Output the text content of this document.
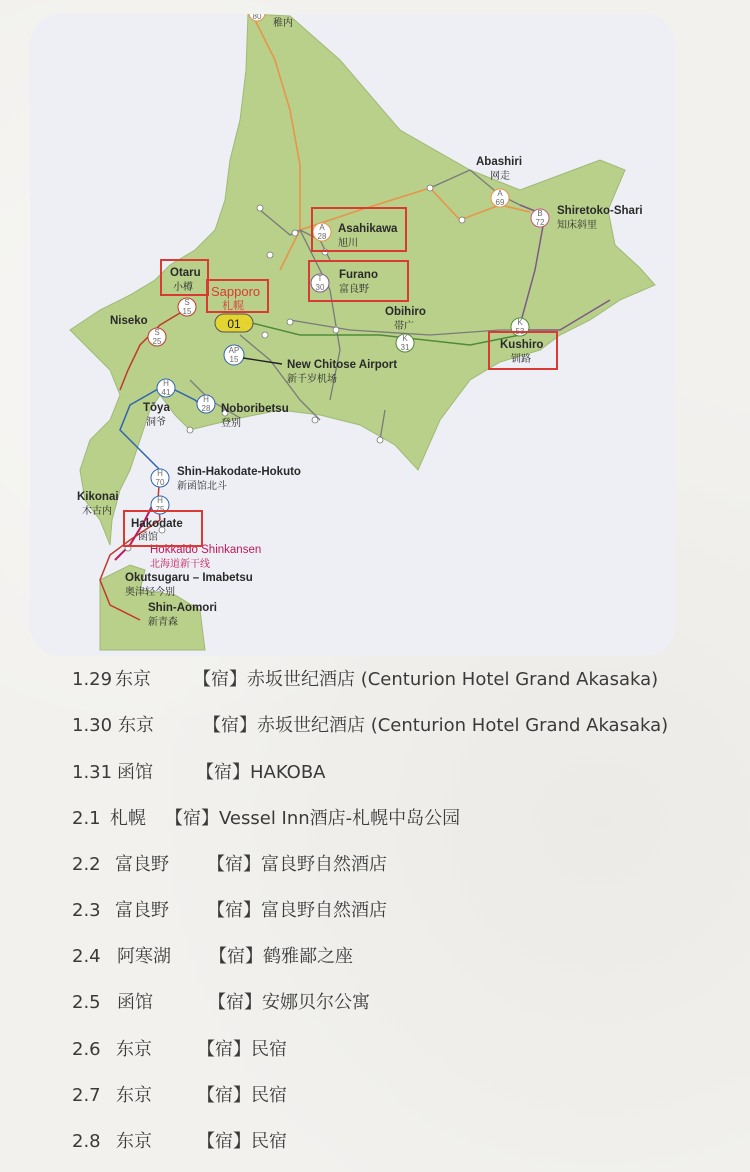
A
28
A
69
B
72
T
30
K
31
K
53
S
15
S
25
AP
15
H
41
H
28
H
70
H
75
01
80
稚内
Abashiri
网走
Shiretoko-Shari
知床斜里
Asahikawa
旭川
Furano
富良野
Otaru
小樽 Sapporo
札幌
Niseko
Obihiro
帯广
Kushiro
钏路
New Chitose Airport
新千岁机场
Tōya
洞爷
Noboribetsu
登别
Shin-Hakodate-Hokuto
新函馆北斗
Kikonai
木古内
Hakodate
函馆
Hokkaido Shinkansen
北海道新干线
Okutsugaru – Imabetsu
奥津轻今别
Shin-Aomori
新青森
1.29 东京 【宿】赤坂世纪酒店 (Centurion Hotel Grand Akasaka)
1.30 东京	【宿】赤坂世纪酒店 (Centurion Hotel Grand Akasaka)
1.31 函馆 【宿】HAKOBA
2.1 札幌 【宿】Vessel Inn酒店-札幌中岛公园
2.2 富良野 【宿】富良野自然酒店
2.3 富良野 【宿】富良野自然酒店
2.4 阿寒湖 【宿】鹤雅鄙之座
2.5 函馆	【宿】安娜贝尔公寓
2.6 东京	【宿】民宿
2.7 东京	【宿】民宿
2.8 东京	【宿】民宿
